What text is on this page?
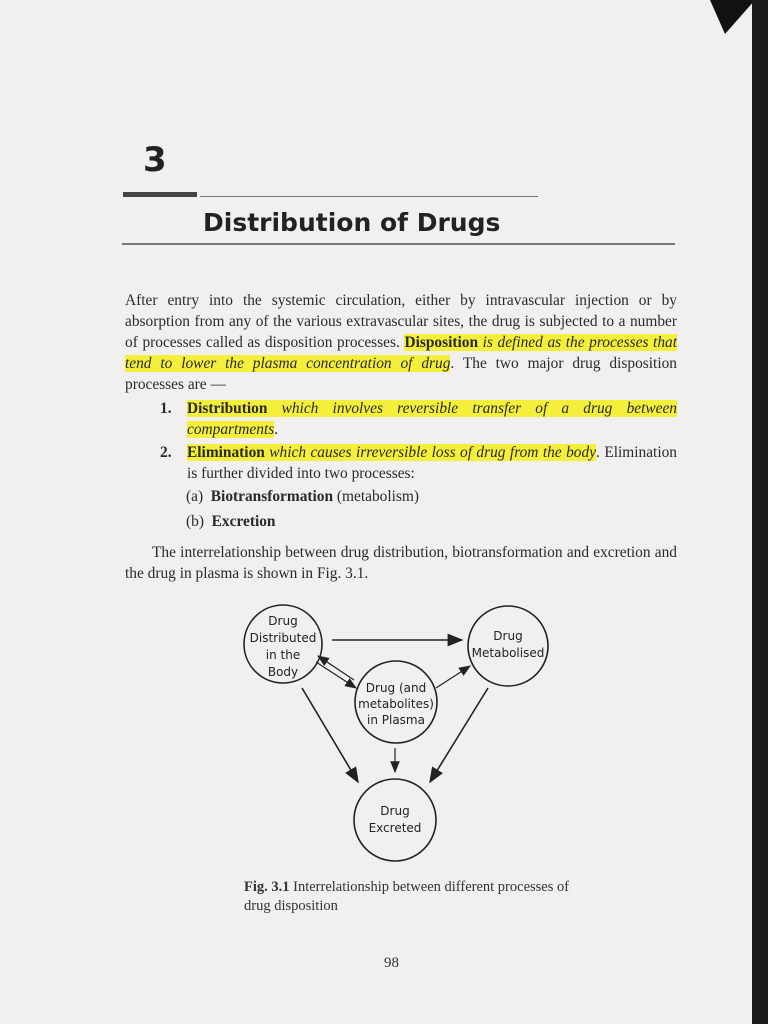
3
Distribution of Drugs
After entry into the systemic circulation, either by intravascular injection or by absorption from any of the various extravascular sites, the drug is subjected to a number of processes called as disposition processes. Disposition is defined as the processes that tend to lower the plasma concentration of drug. The two major drug disposition processes are —
1. Distribution which involves reversible transfer of a drug between compartments.
2. Elimination which causes irreversible loss of drug from the body. Elimination is further divided into two processes:
(a) Biotransformation (metabolism)
(b) Excretion
The interrelationship between drug distribution, biotransformation and excretion and the drug in plasma is shown in Fig. 3.1.
Drug
Distributed
in the
Body
Drug
Metabolised
Drug (and
metabolites)
in Plasma
Drug
Excreted
Fig. 3.1 Interrelationship between different processes of drug disposition
98
